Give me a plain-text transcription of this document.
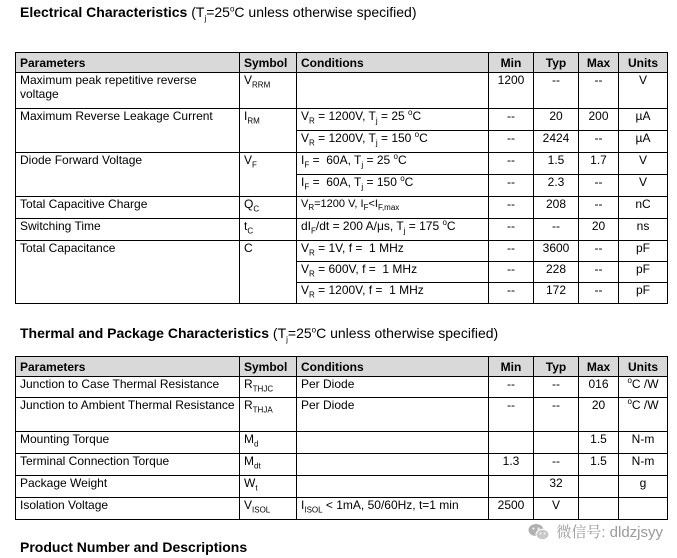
Electrical Characteristics ($T_j=25^oC$ unless otherwise specified)
Parameters	Symbol	Conditions	Min	Typ	Max	Units
Maximum peak repetitive reverse voltage	$V_{RRM}$		1200	--	--	V
Maximum Reverse Leakage Current	$I_{RM}$	$V_R = 1200V$, $T_j = 25$ $^o$C	--	20	200	µA
		$V_R = 1200V$, $T_j = 150$ $^o$C	--	2424	--	µA
Diode Forward Voltage	$V_F$	$I_F = 60A$, $T_j = 25$ $^o$C	--	1.5	1.7	V
		$I_F = 60A$, $T_j = 150$ $^o$C	--	2.3	--	V
Total Capacitive Charge	$Q_C$	$V_R=1200$ V, $I_F<I_{F,max}$	--	208	--	nC
Switching Time	$t_C$	$dI_F/dt = 200$ A/μs, $T_j = 175$ $^o$C	--	--	20	ns
Total Capacitance	C	$V_R = 1V$, f =  1 MHz	--	3600	--	pF
		$V_R = 600V$, f =  1 MHz	--	228	--	pF
		$V_R = 1200V$, f =  1 MHz	--	172	--	pF
Thermal and Package Characteristics ($T_j=25^oC$ unless otherwise specified)
Parameters	Symbol	Conditions	Min	Typ	Max	Units
Junction to Case Thermal Resistance	$R_{THJC}$	Per Diode	--	--	016	$^o$C /W
Junction to Ambient Thermal Resistance	$R_{THJA}$	Per Diode	--	--	20	$^o$C /W
Mounting Torque	$M_d$				1.5	N-m
Terminal Connection Torque	$M_{dt}$		1.3	--	1.5	N-m
Package Weight	$W_t$			32		g
Isolation Voltage	$V_{ISOL}$	$I_{ISOL} < 1mA$, 50/60Hz, t=1 min	2500	V		
Product Number and Descriptions
微信号: dldzjsyy
